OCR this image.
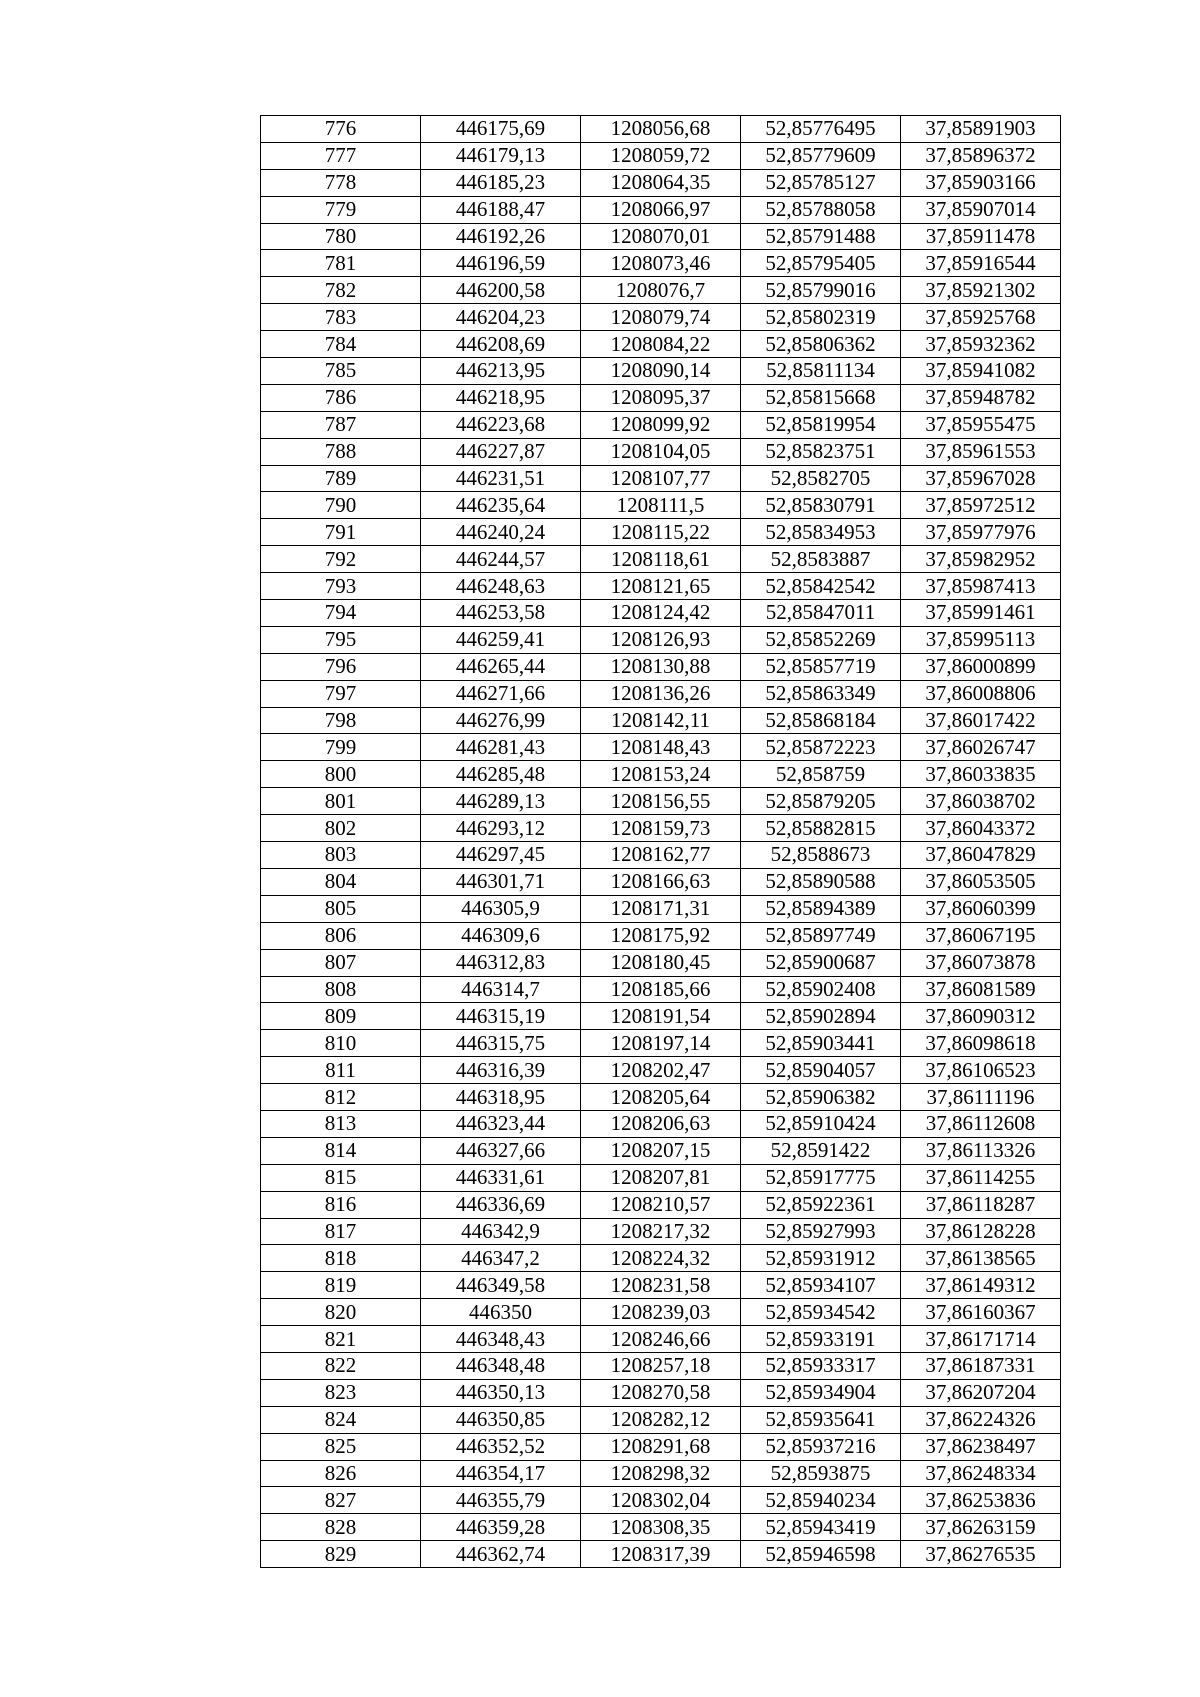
776	446175,69	1208056,68	52,85776495	37,85891903
777	446179,13	1208059,72	52,85779609	37,85896372
778	446185,23	1208064,35	52,85785127	37,85903166
779	446188,47	1208066,97	52,85788058	37,85907014
780	446192,26	1208070,01	52,85791488	37,85911478
781	446196,59	1208073,46	52,85795405	37,85916544
782	446200,58	1208076,7	52,85799016	37,85921302
783	446204,23	1208079,74	52,85802319	37,85925768
784	446208,69	1208084,22	52,85806362	37,85932362
785	446213,95	1208090,14	52,85811134	37,85941082
786	446218,95	1208095,37	52,85815668	37,85948782
787	446223,68	1208099,92	52,85819954	37,85955475
788	446227,87	1208104,05	52,85823751	37,85961553
789	446231,51	1208107,77	52,8582705	37,85967028
790	446235,64	1208111,5	52,85830791	37,85972512
791	446240,24	1208115,22	52,85834953	37,85977976
792	446244,57	1208118,61	52,8583887	37,85982952
793	446248,63	1208121,65	52,85842542	37,85987413
794	446253,58	1208124,42	52,85847011	37,85991461
795	446259,41	1208126,93	52,85852269	37,85995113
796	446265,44	1208130,88	52,85857719	37,86000899
797	446271,66	1208136,26	52,85863349	37,86008806
798	446276,99	1208142,11	52,85868184	37,86017422
799	446281,43	1208148,43	52,85872223	37,86026747
800	446285,48	1208153,24	52,858759	37,86033835
801	446289,13	1208156,55	52,85879205	37,86038702
802	446293,12	1208159,73	52,85882815	37,86043372
803	446297,45	1208162,77	52,8588673	37,86047829
804	446301,71	1208166,63	52,85890588	37,86053505
805	446305,9	1208171,31	52,85894389	37,86060399
806	446309,6	1208175,92	52,85897749	37,86067195
807	446312,83	1208180,45	52,85900687	37,86073878
808	446314,7	1208185,66	52,85902408	37,86081589
809	446315,19	1208191,54	52,85902894	37,86090312
810	446315,75	1208197,14	52,85903441	37,86098618
811	446316,39	1208202,47	52,85904057	37,86106523
812	446318,95	1208205,64	52,85906382	37,86111196
813	446323,44	1208206,63	52,85910424	37,86112608
814	446327,66	1208207,15	52,8591422	37,86113326
815	446331,61	1208207,81	52,85917775	37,86114255
816	446336,69	1208210,57	52,85922361	37,86118287
817	446342,9	1208217,32	52,85927993	37,86128228
818	446347,2	1208224,32	52,85931912	37,86138565
819	446349,58	1208231,58	52,85934107	37,86149312
820	446350	1208239,03	52,85934542	37,86160367
821	446348,43	1208246,66	52,85933191	37,86171714
822	446348,48	1208257,18	52,85933317	37,86187331
823	446350,13	1208270,58	52,85934904	37,86207204
824	446350,85	1208282,12	52,85935641	37,86224326
825	446352,52	1208291,68	52,85937216	37,86238497
826	446354,17	1208298,32	52,8593875	37,86248334
827	446355,79	1208302,04	52,85940234	37,86253836
828	446359,28	1208308,35	52,85943419	37,86263159
829	446362,74	1208317,39	52,85946598	37,86276535
